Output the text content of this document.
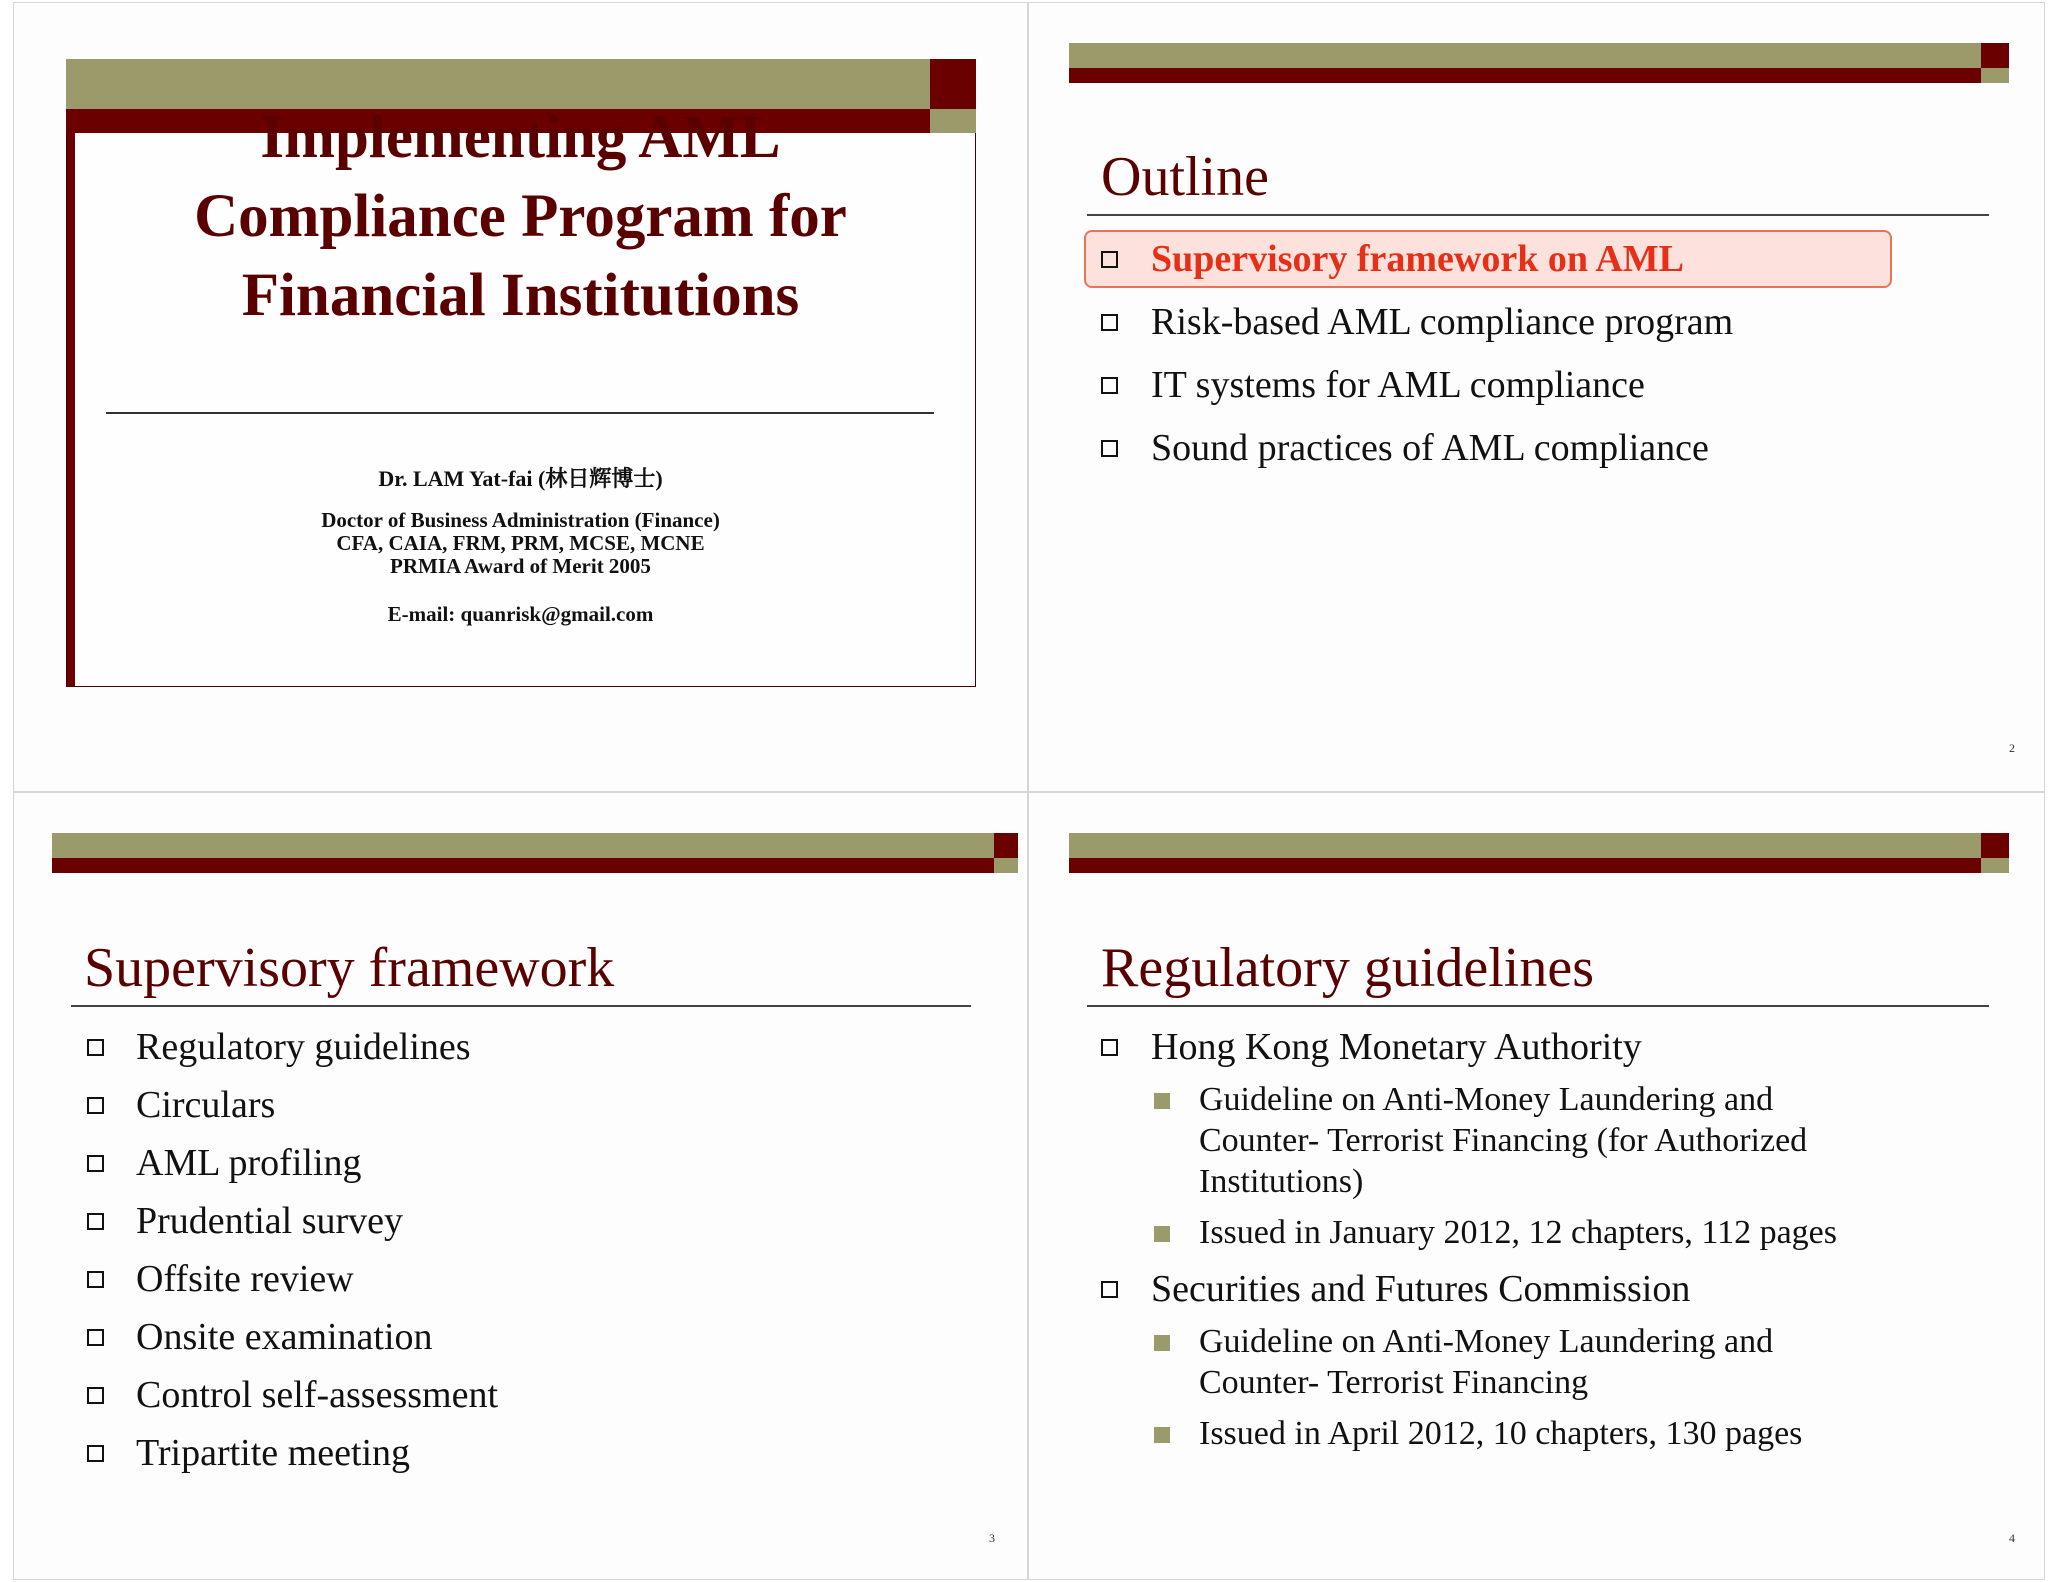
Implementing AML
Compliance Program for
Financial Institutions
Dr. LAM Yat-fai (林日辉博士)
Doctor of Business Administration (Finance)
CFA, CAIA, FRM, PRM, MCSE, MCNE
PRMIA Award of Merit 2005
E-mail: quanrisk@gmail.com
Outline
Supervisory framework on AML
Risk-based AML compliance program
IT systems for AML compliance
Sound practices of AML compliance
2
Supervisory framework
Regulatory guidelines
Circulars
AML profiling
Prudential survey
Offsite review
Onsite examination
Control self-assessment
Tripartite meeting
3
Regulatory guidelines
Hong Kong Monetary Authority
Guideline on Anti-Money Laundering and
Counter- Terrorist Financing (for Authorized
Institutions)
Issued in January 2012, 12 chapters, 112 pages
Securities and Futures Commission
Guideline on Anti-Money Laundering and
Counter- Terrorist Financing
Issued in April 2012, 10 chapters, 130 pages
4
